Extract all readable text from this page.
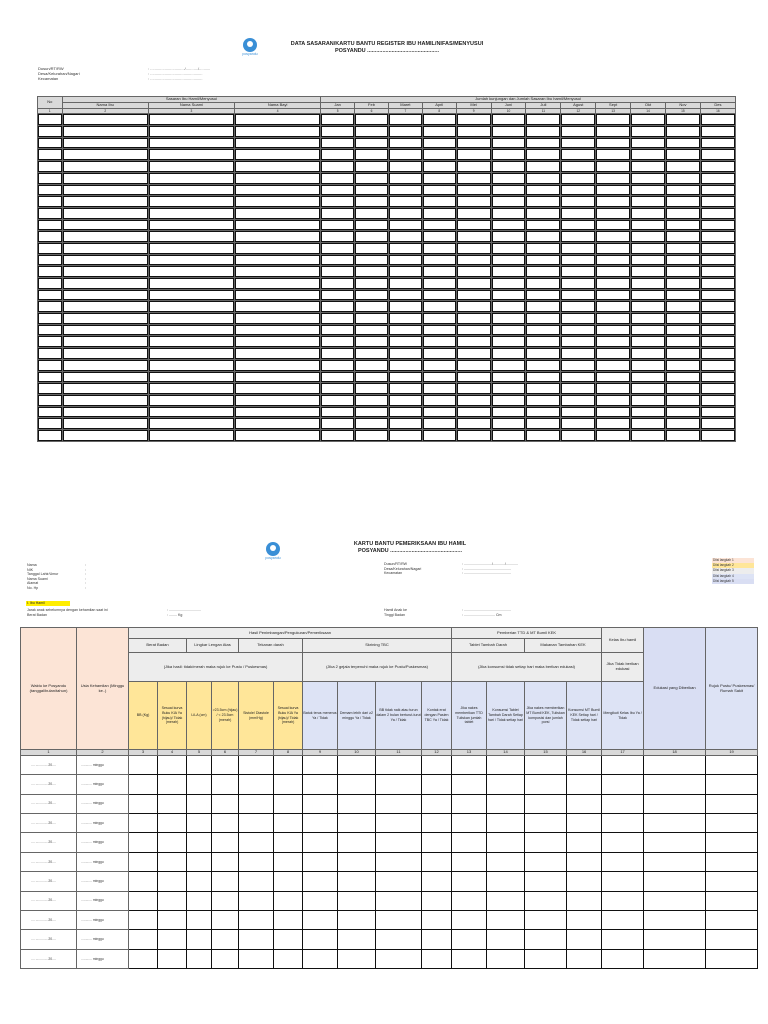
posyandu
DATA SASARAN/KARTU BANTU REGISTER IBU HAMIL/NIFAS/MENYUSUI
POSYANDU ...............................................
Dusun/RT/RW	: .............................../.........../..........
Desa/Kelurahan/Nagari	: ...............................................
Kecamatan	: ...............................................
No	Sasaran Ibu Hamil/Menyusui			Jumlah kunjungan dan Jumlah Sasaran Ibu hamil/Menyusui											
	Nama Ibu	Nama Suami	Nama Bayi	Jan	Feb	Maret	April	Mei	Juni	Juli	Agust	Sept	Okt	Nov	Des
1	2	3	4	5	6	7	8	9	10	11	12	13	14	15	16

posyandu
KARTU BANTU PEMERIKSAAN IBU HAMIL
POSYANDU ...............................................
Nama	:
NIK	:
Tanggal Lahir/Umur	:
Nama Suami	:
Alamat	:
No. Hp	:
Dusun/RT/RW	: ............................/............/............
Desa/Kelurahan/Nagari	: ...............................................
Kecamatan	: ...............................................
Diisi langkah 1
Diisi langkah 2
Diisi langkah 3
Diisi langkah 4
Diisi langkah 5
I. Ibu Hamil
Jarak anak sebelumnya dengan kehamilan saat ini	: ................................
Berat Badan	: ........ Kg
Hamil Anak ke	: ...............................................
Tinggi Badan	: ............................... Cm
Waktu ke Posyandu (tanggal/bulan/tahun)	Usia Kehamilan (Minggu ke..)	Hasil Penimbangan/Pengukuran/Pemeriksaan										Pemberian TTD & MT Bumil KEK				Kelas Ibu hamil	Edukasi yang Diberikan	Rujuk Pustu/ Puskesmas/ Rumah Sakit
		Berat Badan		Lingkar Lengan Atas		Tekanan darah		Skrining TBC				Tablet Tambah Darah		Makanan Tambahan KEK				
		(Jika hasil: tidak/merah maka rujuk ke Pustu / Puskesmas)						(Jika 2 gejala terpenuhi maka rujuk ke Pustu/Puskesmas)				(Jika konsumsi tidak setiap hari maka berikan edukasi)				Jika Tidak berikan edukasi		
		BB (Kg)	Sesuai kurva Buku KIA Ya (hijau)/ Tidak (merah)	LiLA (cm)	>23.5cm (hijau) / < 23.5cm (merah)	Sistole/ Diastole (mm/Hg)	Sesuai kurva Buku KIA Ya (hijau)/ Tidak (merah)	Batuk terus menerus Ya / Tidak	Demam lebih dari ≥2 minggu Ya / Tidak	BB tidak naik atau turun dalam 2 bulan berturut-turut Ya / Tidak	Kontak erat dengan Pasien TBC Ya / Tidak	Jika nakes memberikan TTD Tuliskan jumlah tablet	Konsumsi Tablet Tambah Darah Setiap hari / Tidak setiap hari	Jika nakes memberikan MT Bumil KEK, Tuliskan komposisi dan jumlah porsi	Konsumsi MT Bumil KEK Setiap hari / Tidak setiap hari	Mengikuti Kelas Ibu Ya / Tidak		
1	2	3	4	5	6	7	8	9	10	11	12	13	14	15	16	17	18	19
.... ............. 20....	............ minggu																	
.... ............. 20....	............ minggu																	
.... ............. 20....	............ minggu																	
.... ............. 20....	............ minggu																	
.... ............. 20....	............ minggu																	
.... ............. 20....	............ minggu																	
.... ............. 20....	............ minggu																	
.... ............. 20....	............ minggu																	
.... ............. 20....	............ minggu																	
.... ............. 20....	............ minggu																	
.... ............. 20....	............ minggu																	
